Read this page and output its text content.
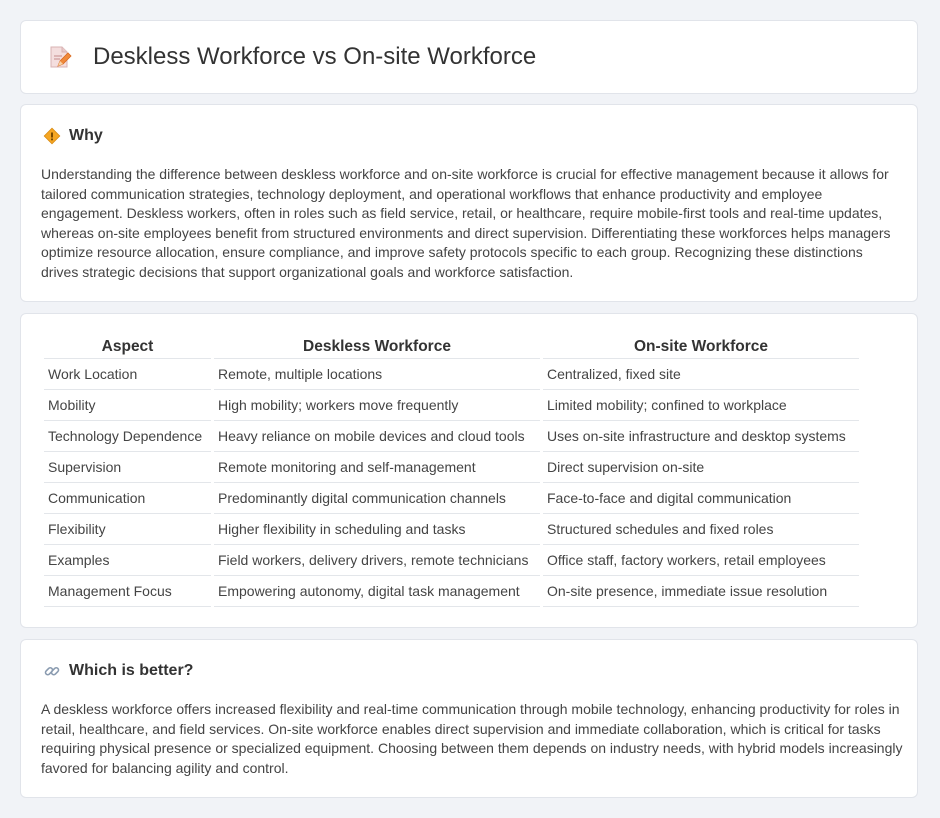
Deskless Workforce vs On-site Workforce
Why

Understanding the difference between deskless workforce and on-site workforce is crucial for effective management because it allows for tailored communication strategies, technology deployment, and operational workflows that enhance productivity and employee engagement. Deskless workers, often in roles such as field service, retail, or healthcare, require mobile-first tools and real-time updates, whereas on-site employees benefit from structured environments and direct supervision. Differentiating these workforces helps managers optimize resource allocation, ensure compliance, and improve safety protocols specific to each group. Recognizing these distinctions drives strategic decisions that support organizational goals and workforce satisfaction.

Aspect	Deskless Workforce	On-site Workforce
Work Location	Remote, multiple locations	Centralized, fixed site
Mobility	High mobility; workers move frequently	Limited mobility; confined to workplace
Technology Dependence	Heavy reliance on mobile devices and cloud tools	Uses on-site infrastructure and desktop systems
Supervision	Remote monitoring and self-management	Direct supervision on-site
Communication	Predominantly digital communication channels	Face-to-face and digital communication
Flexibility	Higher flexibility in scheduling and tasks	Structured schedules and fixed roles
Examples	Field workers, delivery drivers, remote technicians	Office staff, factory workers, retail employees
Management Focus	Empowering autonomy, digital task management	On-site presence, immediate issue resolution
Which is better?

A deskless workforce offers increased flexibility and real-time communication through mobile technology, enhancing productivity for roles in retail, healthcare, and field services. On-site workforce enables direct supervision and immediate collaboration, which is critical for tasks requiring physical presence or specialized equipment. Choosing between them depends on industry needs, with hybrid models increasingly favored for balancing agility and control.
